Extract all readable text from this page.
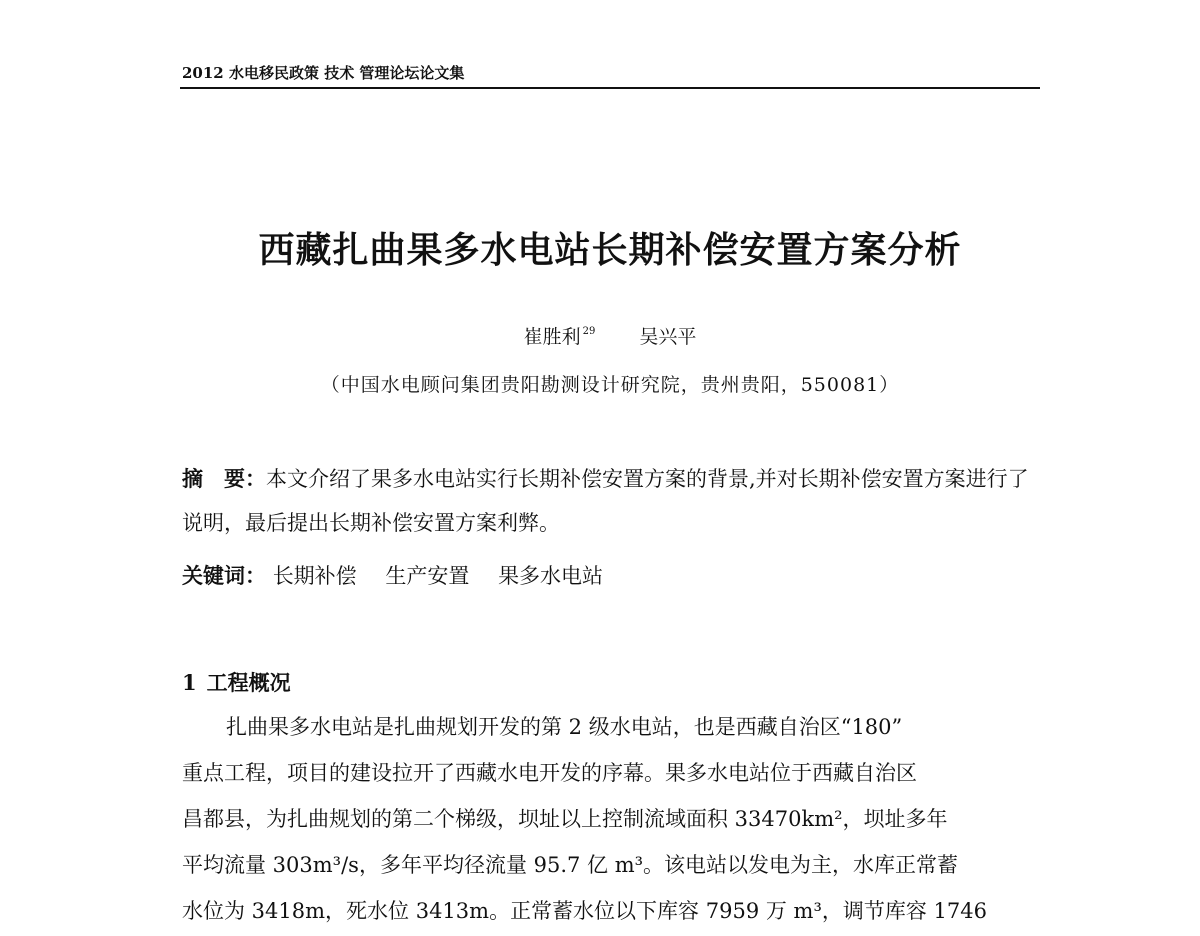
2012 水电移民政策 技术 管理论坛论文集
西藏扎曲果多水电站长期补偿安置方案分析
崔胜利 $^{29}$ 吴兴平
（中国水电顾问集团贵阳勘测设计研究院，贵州贵阳，550081）
摘　要：本文介绍了果多水电站实行长期补偿安置方案的背景,并对长期补偿安置方案进行了说明，最后提出长期补偿安置方案利弊。
关键词： 长期补偿 生产安置 果多水电站
1 工程概况
扎曲果多水电站是扎曲规划开发的第 2 级水电站，也是西藏自治区“180”
重点工程，项目的建设拉开了西藏水电开发的序幕。果多水电站位于西藏自治区
昌都县，为扎曲规划的第二个梯级，坝址以上控制流域面积 33470km²，坝址多年
平均流量 303m³/s，多年平均径流量 95.7 亿 m³。该电站以发电为主，水库正常蓄
水位为 3418m，死水位 3413m。正常蓄水位以下库容 7959 万 m³，调节库容 1746
